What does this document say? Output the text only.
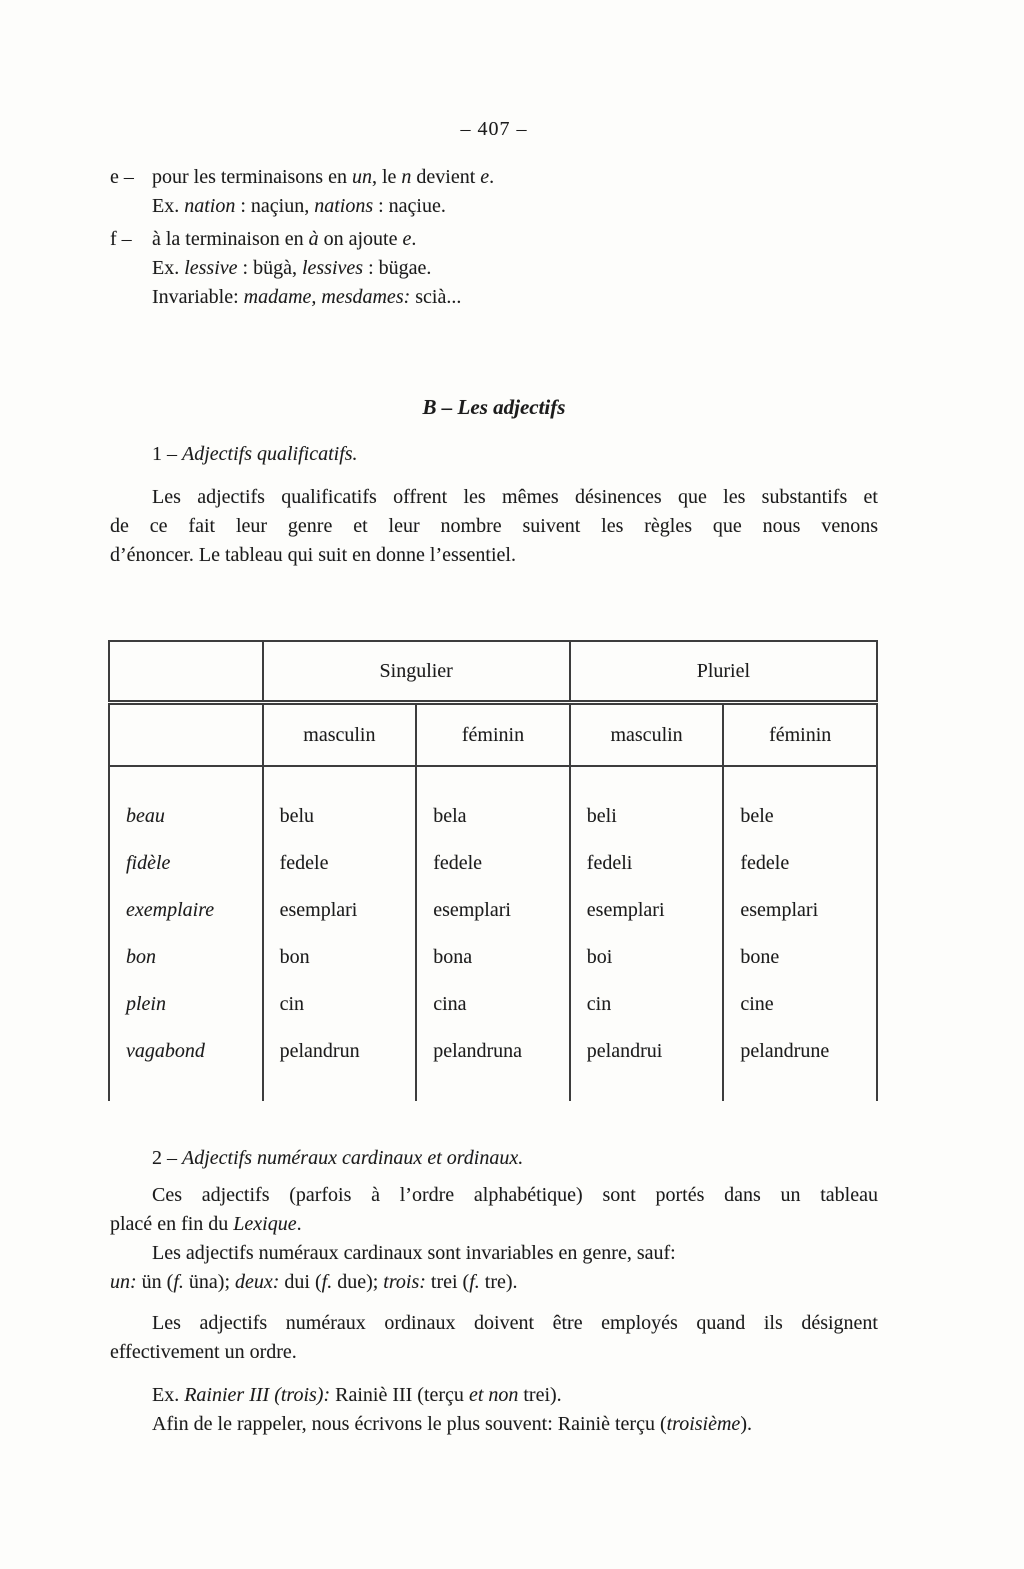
– 407 –
e – pour les terminaisons en un, le n devient e.
Ex. nation : naçiun, nations : naçiue.
f –	à la terminaison en à on ajoute e.
Ex. lessive : bügà, lessives : bügae.
Invariable: madame, mesdames: scià...
B – Les adjectifs
1 – Adjectifs qualificatifs.
Les adjectifs qualificatifs offrent les mêmes désinences que les substantifs et
de ce fait leur genre et leur nombre suivent les règles que nous venons
d’énoncer. Le tableau qui suit en donne l’essentiel.
	Singulier		Pluriel	
	masculin	féminin	masculin	féminin
beau	belu	bela	beli	bele
fidèle	fedele	fedele	fedeli	fedele
exemplaire	esemplari	esemplari	esemplari	esemplari
bon	bon	bona	boi	bone
plein	cin	cina	cin	cine
vagabond	pelandrun	pelandruna	pelandrui	pelandrune
2 – Adjectifs numéraux cardinaux et ordinaux.
Ces adjectifs (parfois à l’ordre alphabétique) sont portés dans un tableau
placé en fin du Lexique.
Les adjectifs numéraux cardinaux sont invariables en genre, sauf:
un: ün (f. üna); deux: dui (f. due); trois: trei (f. tre).
Les adjectifs numéraux ordinaux doivent être employés quand ils désignent
effectivement un ordre.
Ex. Rainier III (trois): Rainiè III (terçu et non trei).
Afin de le rappeler, nous écrivons le plus souvent: Rainiè terçu (troisième).
